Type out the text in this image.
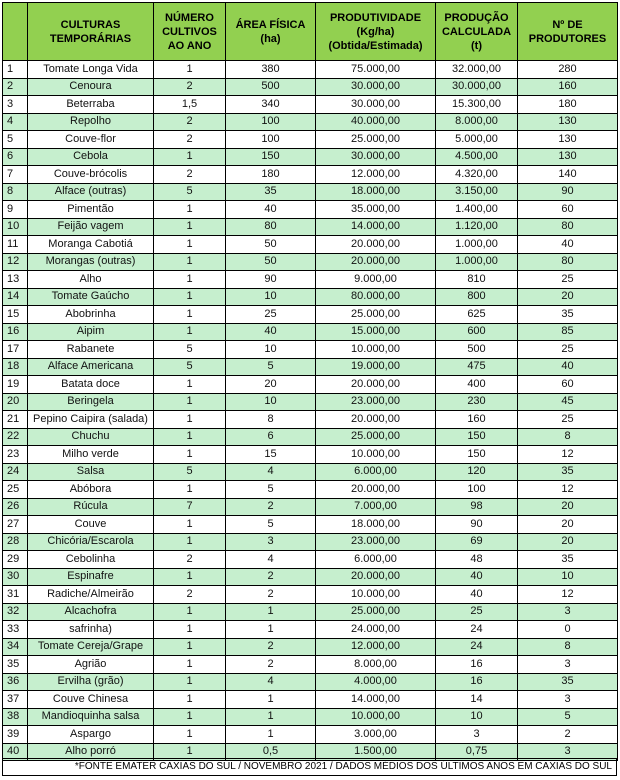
	CULTURAS TEMPORÁRIAS	NÚMERO CULTIVOS AO ANO	ÁREA FÍSICA (ha)	PRODUTIVIDADE (Kg/ha) (Obtida/Estimada)	PRODUÇÃO CALCULADA (t)	Nº DE PRODUTORES
1	Tomate Longa Vida	1	380	75.000,00	32.000,00	280
2	Cenoura	2	500	30.000,00	30.000,00	160
3	Beterraba	1,5	340	30.000,00	15.300,00	180
4	Repolho	2	100	40.000,00	8.000,00	130
5	Couve-flor	2	100	25.000,00	5.000,00	130
6	Cebola	1	150	30.000,00	4.500,00	130
7	Couve-brócolis	2	180	12.000,00	4.320,00	140
8	Alface (outras)	5	35	18.000,00	3.150,00	90
9	Pimentão	1	40	35.000,00	1.400,00	60
10	Feijão vagem	1	80	14.000,00	1.120,00	80
11	Moranga Cabotiá	1	50	20.000,00	1.000,00	40
12	Morangas (outras)	1	50	20.000,00	1.000,00	80
13	Alho	1	90	9.000,00	810	25
14	Tomate Gaúcho	1	10	80.000,00	800	20
15	Abobrinha	1	25	25.000,00	625	35
16	Aipim	1	40	15.000,00	600	85
17	Rabanete	5	10	10.000,00	500	25
18	Alface Americana	5	5	19.000,00	475	40
19	Batata doce	1	20	20.000,00	400	60
20	Beringela	1	10	23.000,00	230	45
21	Pepino Caipira (salada)	1	8	20.000,00	160	25
22	Chuchu	1	6	25.000,00	150	8
23	Milho verde	1	15	10.000,00	150	12
24	Salsa	5	4	6.000,00	120	35
25	Abóbora	1	5	20.000,00	100	12
26	Rúcula	7	2	7.000,00	98	20
27	Couve	1	5	18.000,00	90	20
28	Chicória/Escarola	1	3	23.000,00	69	20
29	Cebolinha	2	4	6.000,00	48	35
30	Espinafre	1	2	20.000,00	40	10
31	Radiche/Almeirão	2	2	10.000,00	40	12
32	Alcachofra	1	1	25.000,00	25	3
33	safrinha)	1	1	24.000,00	24	0
34	Tomate Cereja/Grape	1	2	12.000,00	24	8
35	Agrião	1	2	8.000,00	16	3
36	Ervilha (grão)	1	4	4.000,00	16	35
37	Couve Chinesa	1	1	14.000,00	14	3
38	Mandioquinha salsa	1	1	10.000,00	10	5
39	Aspargo	1	1	3.000,00	3	2
40	Alho porró	1	0,5	1.500,00	0,75	3
*FONTE EMATER CAXIAS DO SUL / NOVEMBRO 2021 / DADOS MÉDIOS DOS ÚLTIMOS ANOS EM CAXIAS DO SUL
